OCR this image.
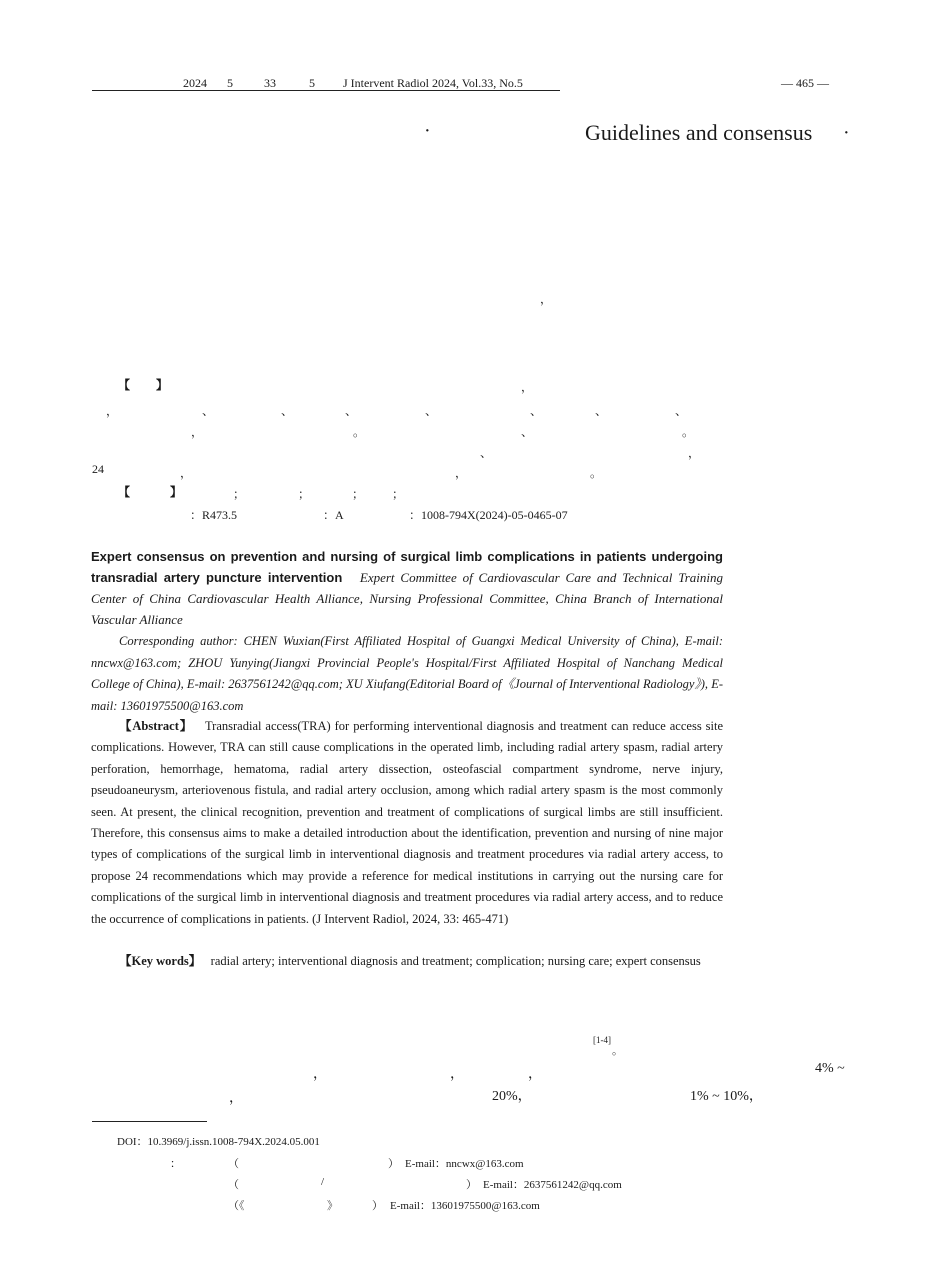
2024 5	33	5 J Intervent Radiol 2024, Vol.33, No.5	— 465 —
·	Guidelines and consensus ·
，
【 】	，
，	、	、	、	、	、	、	、
，	。	、	。
、	，
24	，	，	。
【	】	；	；	； ；
：R473.5	：A	：1008-794X(2024)-05-0465-07
Expert consensus on prevention and nursing of surgical limb complications in patients undergoing transradial artery puncture intervention Expert Committee of Cardiovascular Care and Technical Training Center of China Cardiovascular Health Alliance, Nursing Professional Committee, China Branch of International Vascular Alliance
Corresponding author: CHEN Wuxian(First Affiliated Hospital of Guangxi Medical University of China), E-mail: nncwx@163.com; ZHOU Yunying(Jiangxi Provincial People's Hospital/First Affiliated Hospital of Nanchang Medical College of China), E-mail: 2637561242@qq.com; XU Xiufang(Editorial Board of《Journal of Interventional Radiology》), E-mail: 13601975500@163.com
【Abstract】 Transradial access(TRA) for performing interventional diagnosis and treatment can reduce access site complications. However, TRA can still cause complications in the operated limb, including radial artery spasm, radial artery perforation, hemorrhage, hematoma, radial artery dissection, osteofascial compartment syndrome, nerve injury, pseudoaneurysm, arteriovenous fistula, and radial artery occlusion, among which radial artery spasm is the most commonly seen. At present, the clinical recognition, prevention and treatment of complications of surgical limbs are still insufficient. Therefore, this consensus aims to make a detailed introduction about the identification, prevention and nursing of nine major types of complications of the surgical limb in interventional diagnosis and treatment procedures via radial artery access, to propose 24 recommendations which may provide a reference for medical institutions in carrying out the nursing care for complications of the surgical limb in interventional diagnosis and treatment procedures via radial artery access, and to reduce the occurrence of complications in patients. (J Intervent Radiol, 2024, 33: 465-471)
【Key words】 radial artery; interventional diagnosis and treatment; complication; nursing care; expert consensus
[1-4]
。
，	，	，	4% ~
，	20%，	1% ~ 10%，
DOI：10.3969/j.issn.1008-794X.2024.05.001
：	（	） E-mail：nncwx@163.com
（	/	） E-mail：2637561242@qq.com
（《	》	） E-mail：13601975500@163.com
